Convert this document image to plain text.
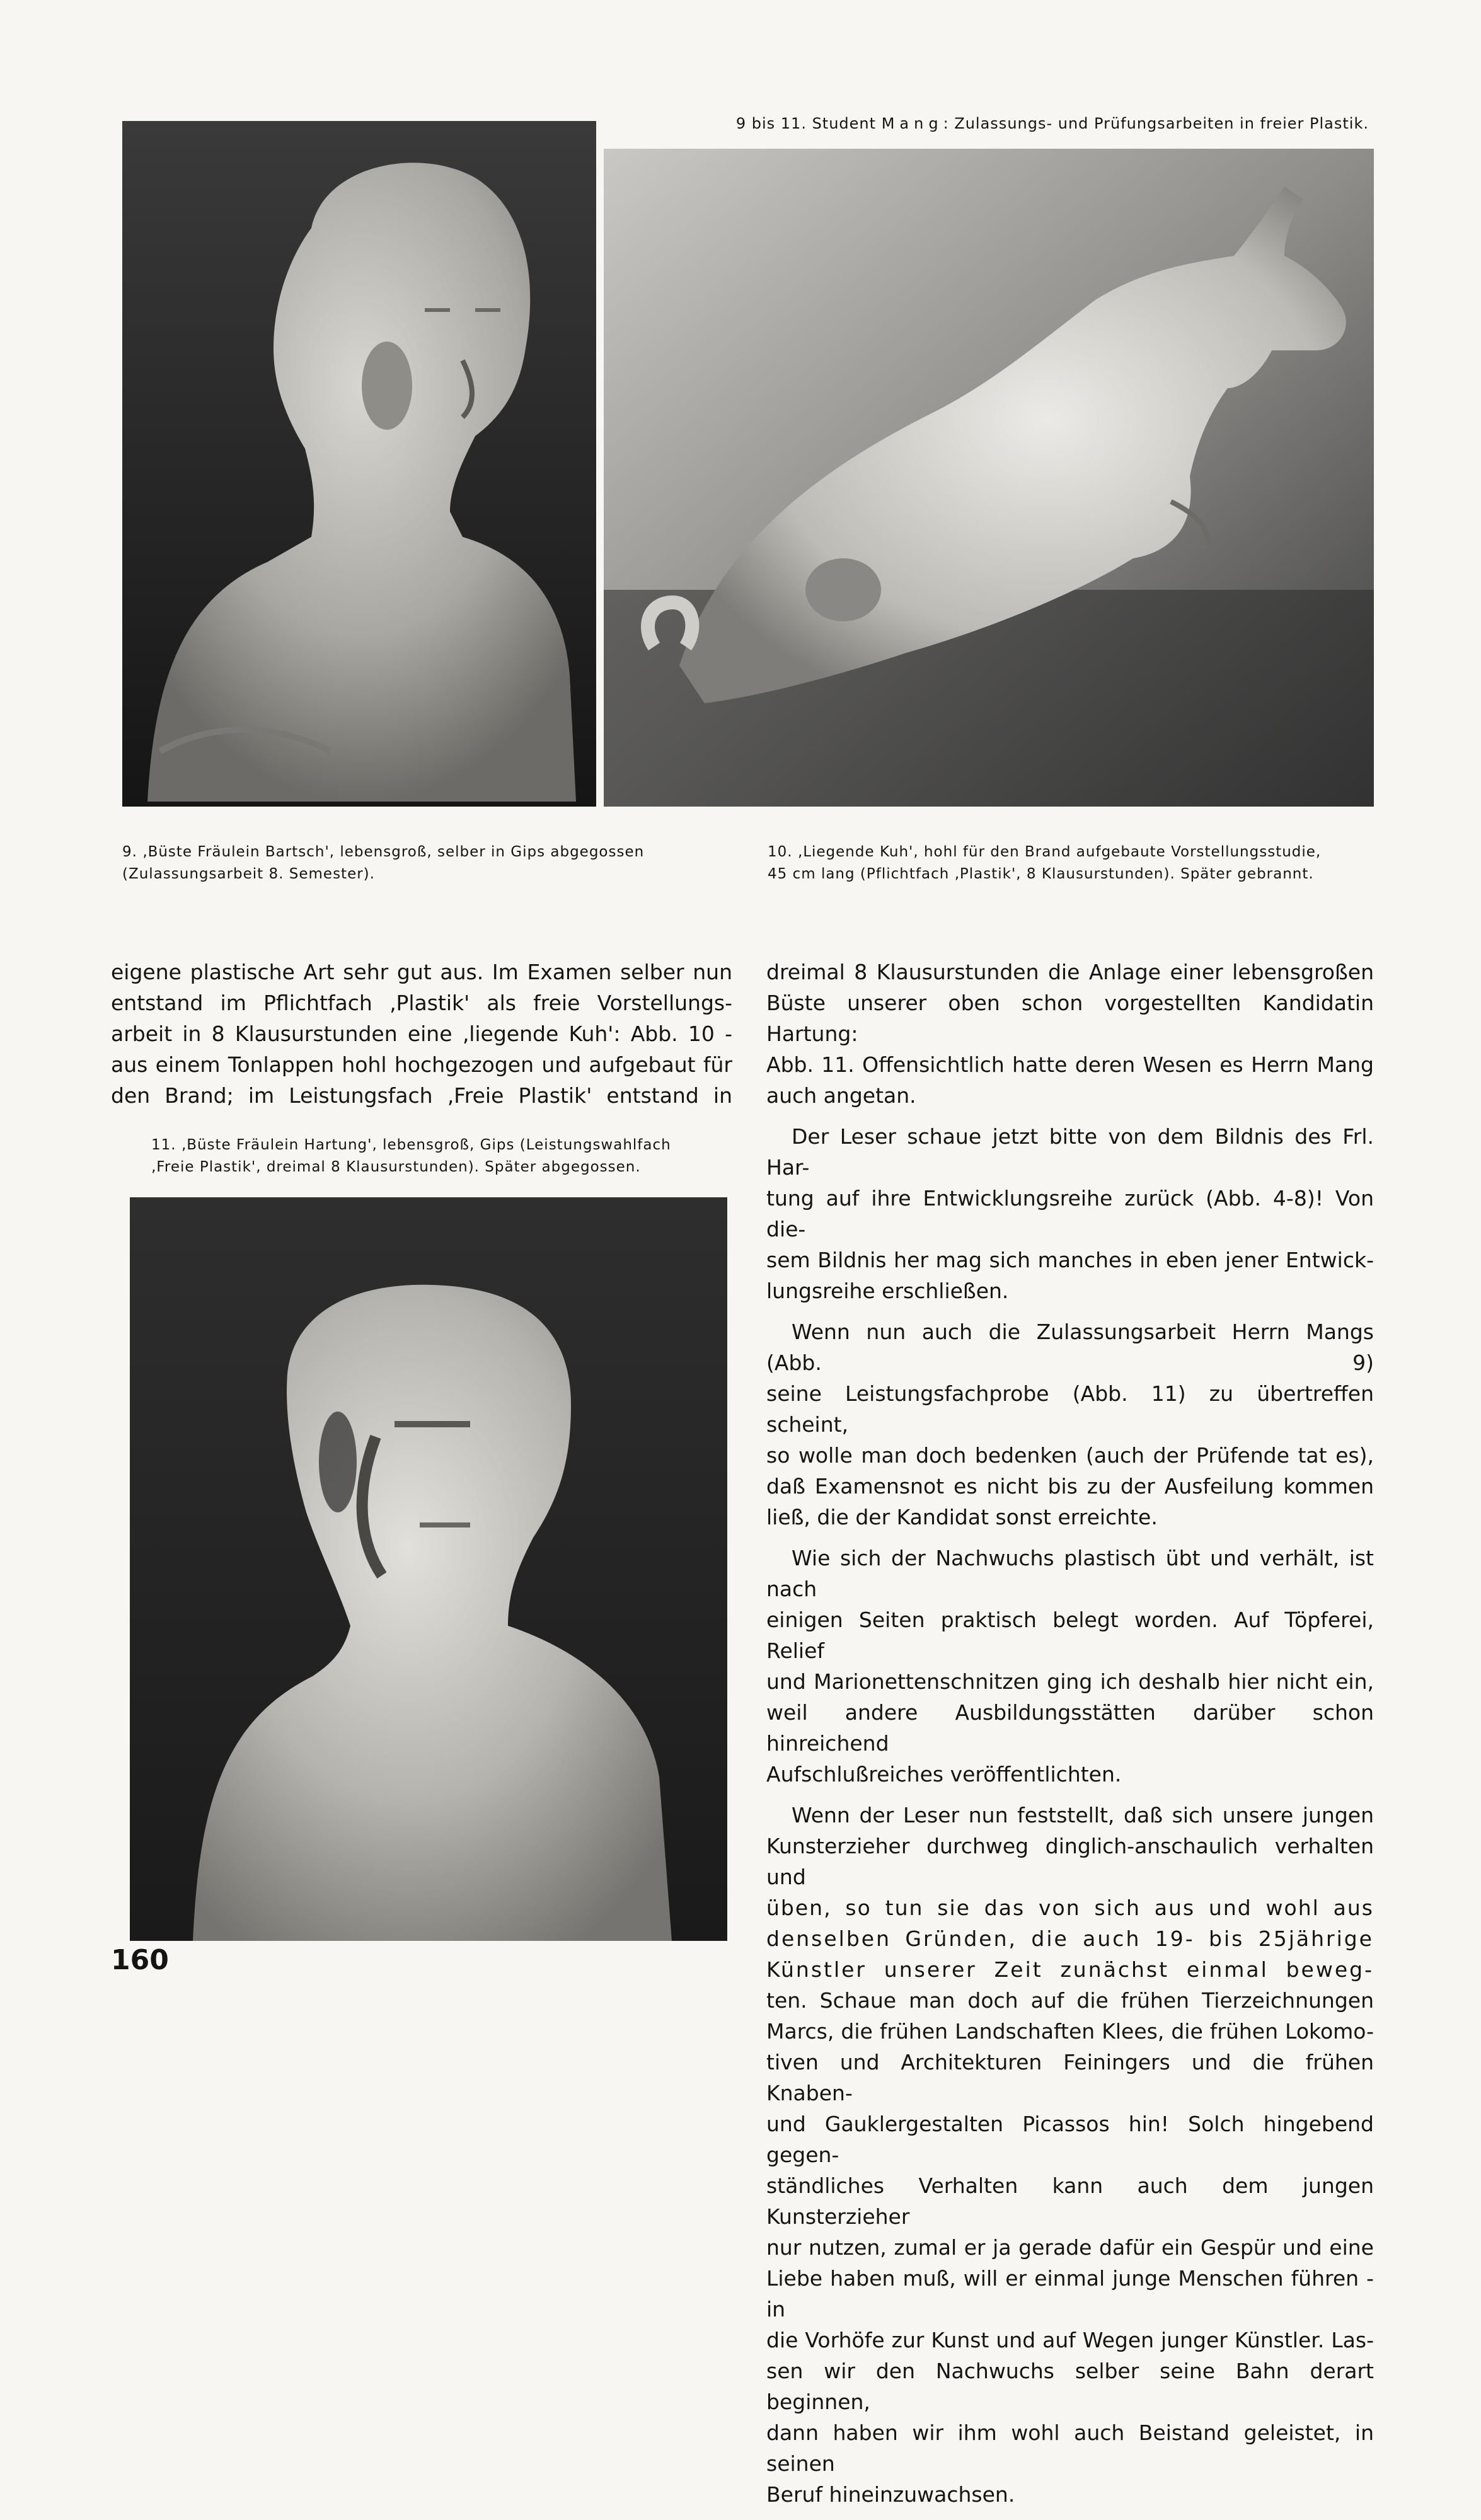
9 bis 11. Student Mang: Zulassungs- und Prüfungsarbeiten in freier Plastik.
9. ‚Büste Fräulein Bartsch', lebensgroß, selber in Gips abgegossen
(Zulassungsarbeit 8. Semester).
10. ‚Liegende Kuh', hohl für den Brand aufgebaute Vorstellungsstudie,
45 cm lang (Pflichtfach ‚Plastik', 8 Klausurstunden). Später gebrannt.

eigene plastische Art sehr gut aus. Im Examen selber nun
entstand im Pflichtfach ‚Plastik' als freie Vorstellungs-
arbeit in 8 Klausurstunden eine ‚liegende Kuh': Abb. 10 -
aus einem Tonlappen hohl hochgezogen und aufgebaut für
den Brand; im Leistungsfach ‚Freie Plastik' entstand in

11. ‚Büste Fräulein Hartung', lebensgroß, Gips (Leistungswahlfach
‚Freie Plastik', dreimal 8 Klausurstunden). Später abgegossen.

dreimal 8 Klausurstunden die Anlage einer lebensgroßen
Büste unserer oben schon vorgestellten Kandidatin Hartung:
Abb. 11. Offensichtlich hatte deren Wesen es Herrn Mang
auch angetan.

Der Leser schaue jetzt bitte von dem Bildnis des Frl. Har-
tung auf ihre Entwicklungsreihe zurück (Abb. 4-8)! Von die-
sem Bildnis her mag sich manches in eben jener Entwick-
lungsreihe erschließen.

Wenn nun auch die Zulassungsarbeit Herrn Mangs (Abb. 9)
seine Leistungsfachprobe (Abb. 11) zu übertreffen scheint,
so wolle man doch bedenken (auch der Prüfende tat es),
daß Examensnot es nicht bis zu der Ausfeilung kommen
ließ, die der Kandidat sonst erreichte.

Wie sich der Nachwuchs plastisch übt und verhält, ist nach
einigen Seiten praktisch belegt worden. Auf Töpferei, Relief
und Marionettenschnitzen ging ich deshalb hier nicht ein,
weil andere Ausbildungsstätten darüber schon hinreichend
Aufschlußreiches veröffentlichten.

Wenn der Leser nun feststellt, daß sich unsere jungen
Kunsterzieher durchweg dinglich-anschaulich verhalten und
üben, so tun sie das von sich aus und wohl aus
denselben Gründen, die auch 19- bis 25jährige
Künstler unserer Zeit zunächst einmal beweg-
ten. Schaue man doch auf die frühen Tierzeichnungen
Marcs, die frühen Landschaften Klees, die frühen Lokomo-
tiven und Architekturen Feiningers und die frühen Knaben-
und Gauklergestalten Picassos hin! Solch hingebend gegen-
ständliches Verhalten kann auch dem jungen Kunsterzieher
nur nutzen, zumal er ja gerade dafür ein Gespür und eine
Liebe haben muß, will er einmal junge Menschen führen - in
die Vorhöfe zur Kunst und auf Wegen junger Künstler. Las-
sen wir den Nachwuchs selber seine Bahn derart beginnen,
dann haben wir ihm wohl auch Beistand geleistet, in seinen
Beruf hineinzuwachsen.

160
